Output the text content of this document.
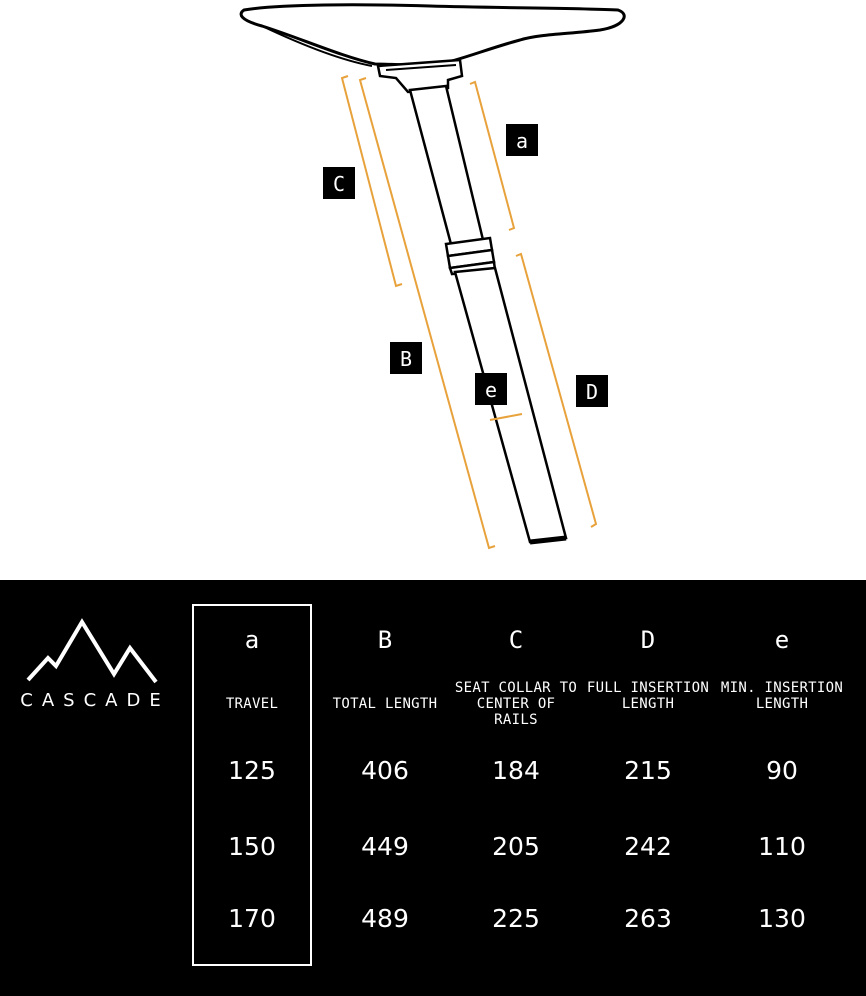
a
C
B
e	D
CASCADE
a
TRAVEL
125
150
170
B
TOTAL LENGTH
406
449
489
C
SEAT COLLAR TO
CENTER OF RAILS
184
205
225
D
FULL INSERTION
LENGTH
215
242
263
e
MIN. INSERTION
LENGTH
90
110
130
